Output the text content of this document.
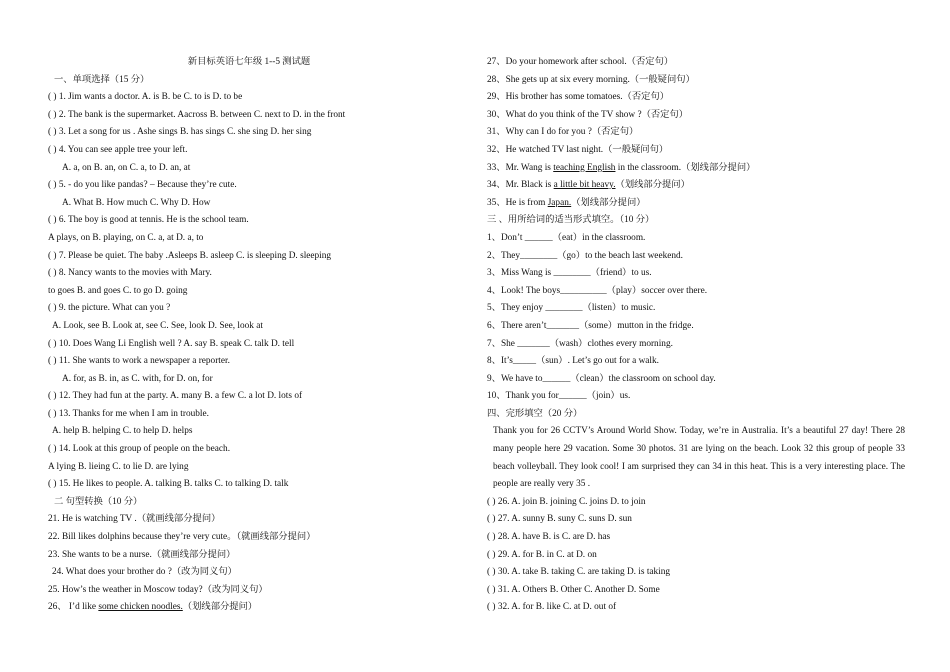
新目标英语七年级 1--5 测试题
一、单项选择（15 分）
( ) 1. Jim wants a doctor. A. is B. be C. to is D. to be
( ) 2. The bank is the supermarket. Aacross B. between C. next to D. in the front
( ) 3. Let a song for us . Ashe sings B. has sings C. she sing D. her sing
( ) 4. You can see apple tree your left.
A. a, on B. an, on C. a, to D. an, at
( ) 5. - do you like pandas? – Because they’re cute.
A. What B. How much C. Why D. How
( ) 6. The boy is good at tennis. He is the school team.
A plays, on B. playing, on C. a, at D. a, to
( ) 7. Please be quiet. The baby .Asleeps B. asleep C. is sleeping D. sleeping
( ) 8. Nancy wants to the movies with Mary.
to goes B. and goes C. to go D. going
( ) 9. the picture. What can you ?
A. Look, see B. Look at, see C. See, look D. See, look at
( ) 10. Does Wang Li English well ? A. say B. speak C. talk D. tell
( ) 11. She wants to work a newspaper a reporter.
A. for, as B. in, as C. with, for D. on, for
( ) 12. They had fun at the party. A. many B. a few C. a lot D. lots of
( ) 13. Thanks for me when I am in trouble.
A. help B. helping C. to help D. helps
( ) 14. Look at this group of people on the beach.
A lying B. lieing C. to lie D. are lying
( ) 15. He likes to people. A. talking B. talks C. to talking D. talk
二 句型转换（10 分）
21. He is watching TV .（就画线部分提问）
22. Bill likes dolphins because they’re very cute。（就画线部分提问）
23. She wants to be a nurse.（就画线部分提问）
24. What does your brother do ?（改为同义句）
25. How’s the weather in Moscow today?（改为同义句）
26、 I’d like some chicken noodles.（划线部分提问）
27、Do your homework after school.（否定句）
28、She gets up at six every morning.（一般疑问句）
29、His brother has some tomatoes.（否定句）
30、What do you think of the TV show ?（否定句）
31、Why can I do for you ?（否定句）
32、He watched TV last night.（一般疑问句）
33、Mr. Wang is teaching English in the classroom.（划线部分提问）
34、Mr. Black is a little bit heavy.（划线部分提问）
35、He is from Japan.（划线部分提问）
三 、用所给词的适当形式填空。（10 分）
1、Don’t ______（eat）in the classroom.
2、They________（go）to the beach last weekend.
3、Miss Wang is ________（friend）to us.
4、Look! The boys__________（play）soccer over there.
5、They enjoy ________（listen）to music.
6、There aren’t_______（some）mutton in the fridge.
7、She _______（wash）clothes every morning.
8、It’s_____（sun）. Let’s go out for a walk.
9、We have to______（clean）the classroom on school day.
10、Thank you for______（join）us.
四、完形填空（20 分）
Thank you for 26 CCTV’s Around World Show. Today, we’re in Australia. It’s a beautiful 27 day! There 28 many people here 29 vacation. Some 30 photos. 31 are lying on the beach. Look 32 this group of people 33 beach volleyball. They look cool! I am surprised they can 34 in this heat. This is a very interesting place. The people are really very 35 .
( ) 26. A. join B. joining C. joins D. to join
( ) 27. A. sunny B. suny C. suns D. sun
( ) 28. A. have B. is C. are D. has
( ) 29. A. for B. in C. at D. on
( ) 30. A. take B. taking C. are taking D. is taking
( ) 31. A. Others B. Other C. Another D. Some
( ) 32. A. for B. like C. at D. out of
